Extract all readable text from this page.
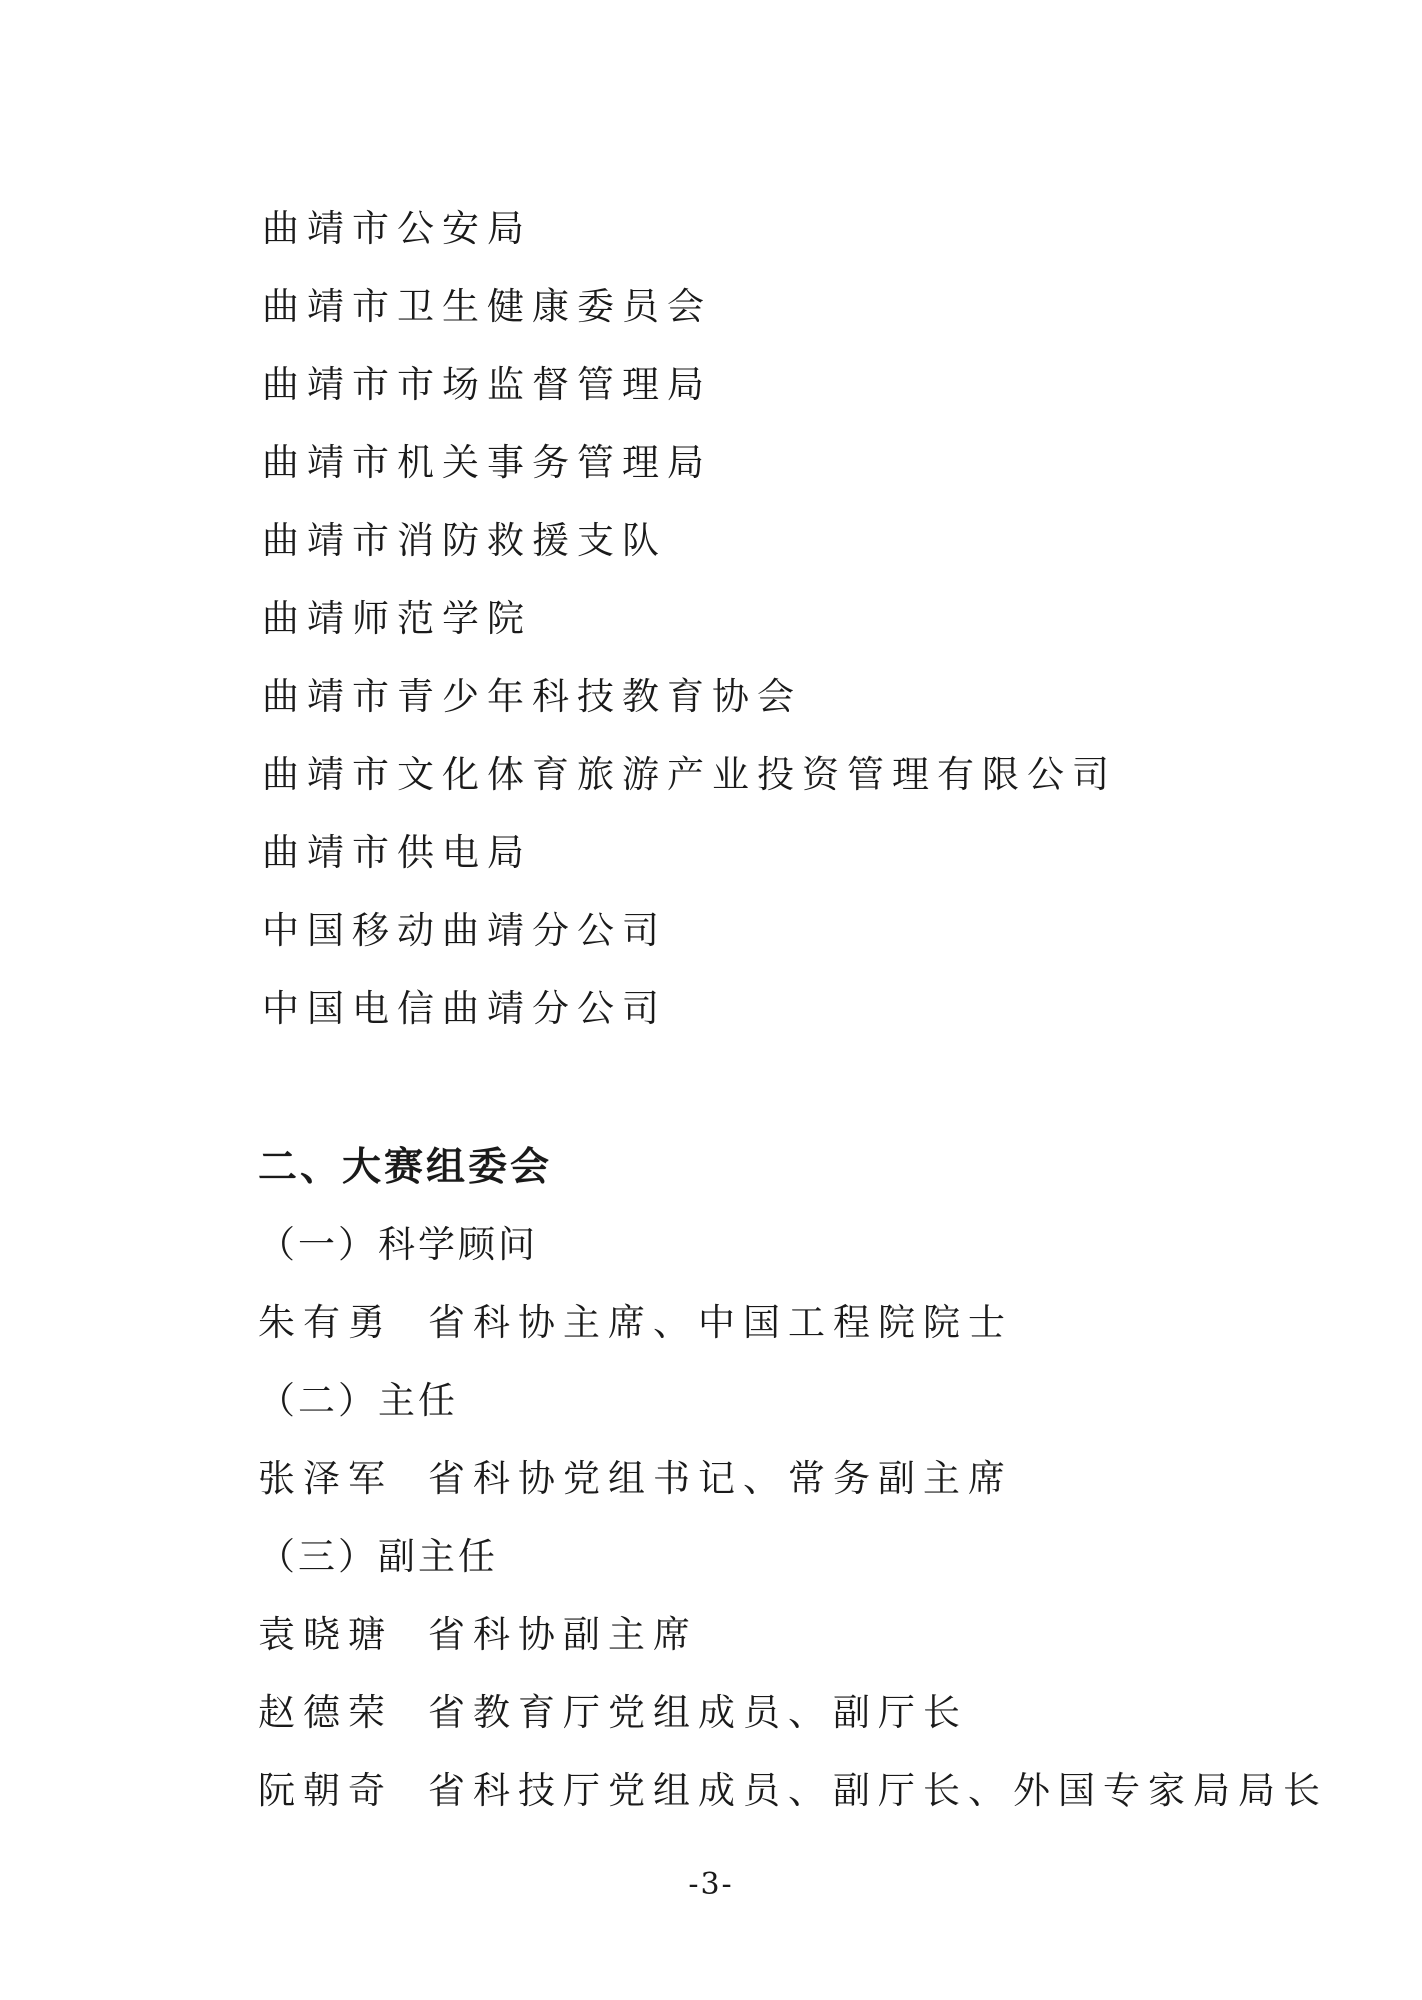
曲靖市公安局
曲靖市卫生健康委员会
曲靖市市场监督管理局
曲靖市机关事务管理局
曲靖市消防救援支队
曲靖师范学院
曲靖市青少年科技教育协会
曲靖市文化体育旅游产业投资管理有限公司
曲靖市供电局
中国移动曲靖分公司
中国电信曲靖分公司
二、大赛组委会
（一）科学顾问
朱有勇 省科协主席、中国工程院院士
（二）主任
张泽军 省科协党组书记、常务副主席
（三）副主任
袁晓瑭 省科协副主席
赵德荣 省教育厅党组成员、副厅长
阮朝奇 省科技厅党组成员、副厅长、外国专家局局长
-3-
